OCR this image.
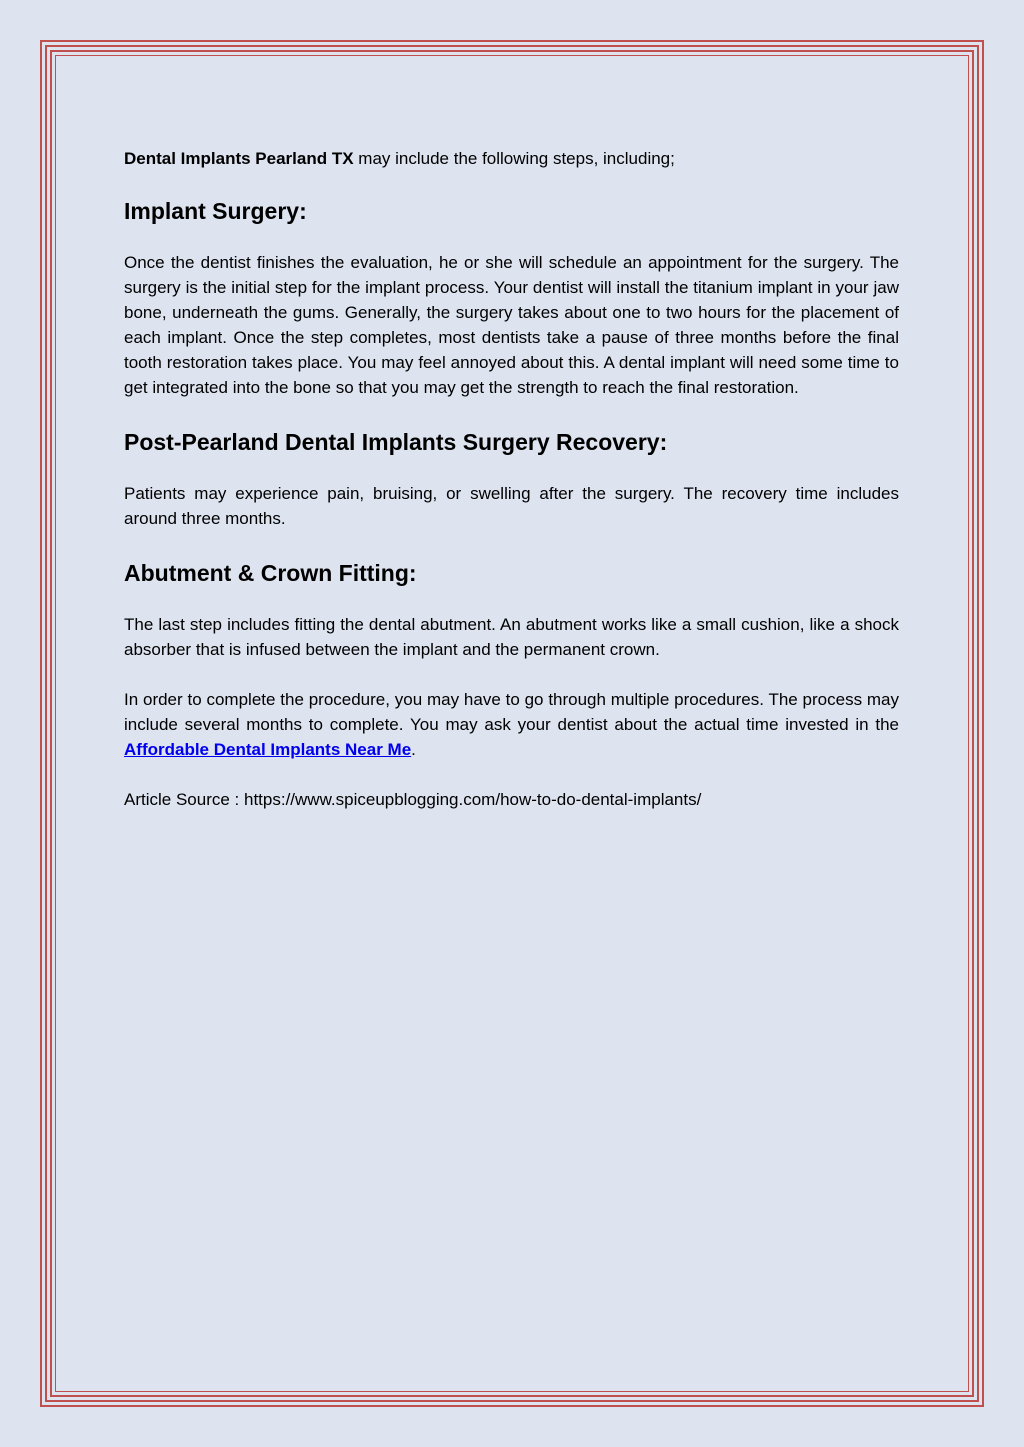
Dental Implants Pearland TX may include the following steps, including;

Implant Surgery:

Once the dentist finishes the evaluation, he or she will schedule an appointment for the surgery. The surgery is the initial step for the implant process. Your dentist will install the titanium implant in your jaw bone, underneath the gums. Generally, the surgery takes about one to two hours for the placement of each implant. Once the step completes, most dentists take a pause of three months before the final tooth restoration takes place. You may feel annoyed about this. A dental implant will need some time to get integrated into the bone so that you may get the strength to reach the final restoration.

Post-Pearland Dental Implants Surgery Recovery:

Patients may experience pain, bruising, or swelling after the surgery. The recovery time includes around three months.

Abutment & Crown Fitting:

The last step includes fitting the dental abutment. An abutment works like a small cushion, like a shock absorber that is infused between the implant and the permanent crown.

In order to complete the procedure, you may have to go through multiple procedures. The process may include several months to complete. You may ask your dentist about the actual time invested in the Affordable Dental Implants Near Me.

Article Source : https://www.spiceupblogging.com/how-to-do-dental-implants/
